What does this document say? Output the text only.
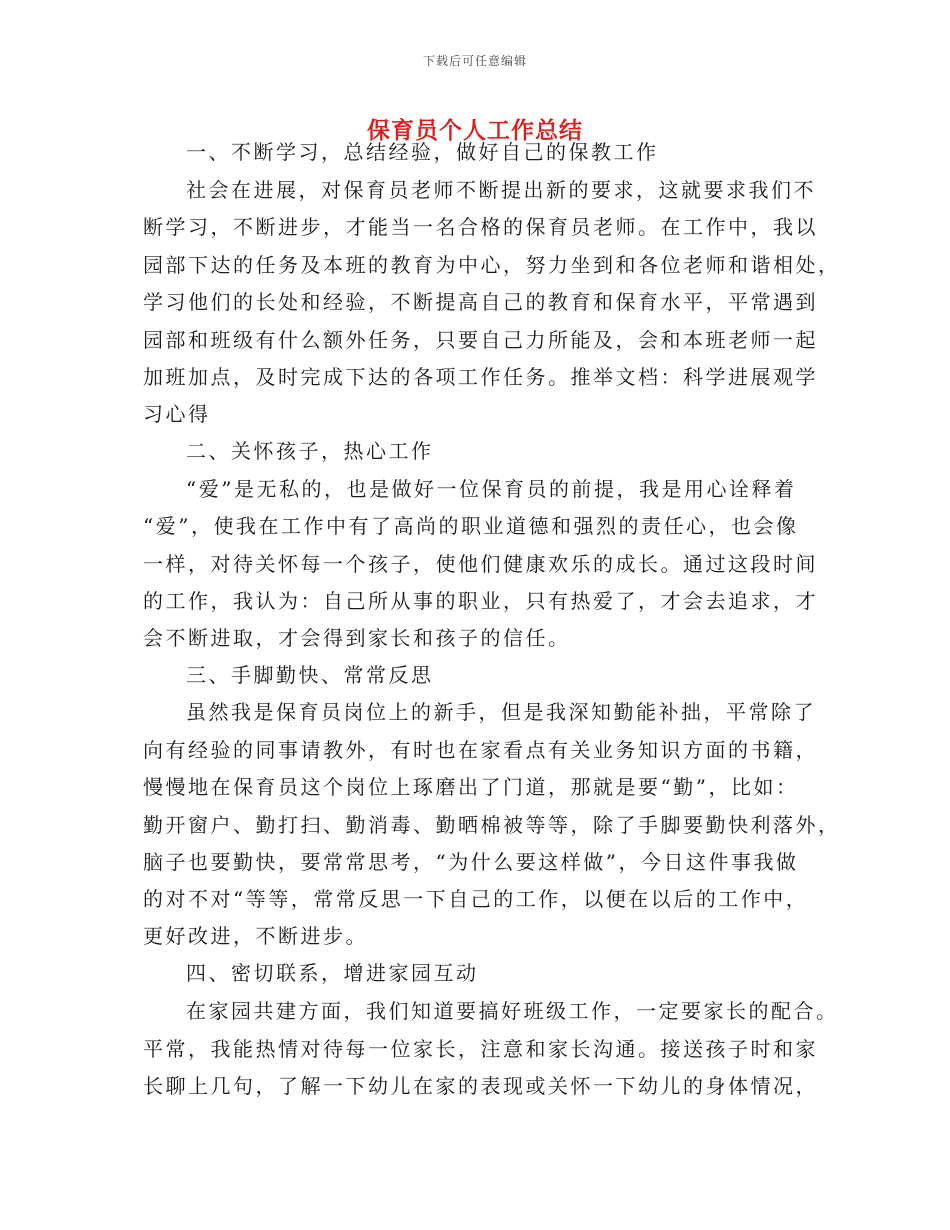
下载后可任意编辑
保育员个人工作总结
一、不断学习，总结经验，做好自己的保教工作
社会在进展，对保育员老师不断提出新的要求，这就要求我们不
断学习，不断进步，才能当一名合格的保育员老师。在工作中，我以
园部下达的任务及本班的教育为中心，努力坐到和各位老师和谐相处，
学习他们的长处和经验，不断提高自己的教育和保育水平，平常遇到
园部和班级有什么额外任务，只要自己力所能及，会和本班老师一起
加班加点，及时完成下达的各项工作任务。推举文档：科学进展观学
习心得
二、关怀孩子，热心工作
“爱”是无私的，也是做好一位保育员的前提，我是用心诠释着
“爱”，使我在工作中有了高尚的职业道德和强烈的责任心，也会像
一样，对待关怀每一个孩子，使他们健康欢乐的成长。通过这段时间
的工作，我认为：自己所从事的职业，只有热爱了，才会去追求，才
会不断进取，才会得到家长和孩子的信任。
三、手脚勤快、常常反思
虽然我是保育员岗位上的新手，但是我深知勤能补拙，平常除了
向有经验的同事请教外，有时也在家看点有关业务知识方面的书籍，
慢慢地在保育员这个岗位上琢磨出了门道，那就是要“勤”，比如：
勤开窗户、勤打扫、勤消毒、勤晒棉被等等，除了手脚要勤快利落外，
脑子也要勤快，要常常思考，“为什么要这样做”，今日这件事我做
的对不对“等等，常常反思一下自己的工作，以便在以后的工作中，
更好改进，不断进步。
四、密切联系，增进家园互动
在家园共建方面，我们知道要搞好班级工作，一定要家长的配合。
平常，我能热情对待每一位家长，注意和家长沟通。接送孩子时和家
长聊上几句，了解一下幼儿在家的表现或关怀一下幼儿的身体情况，
